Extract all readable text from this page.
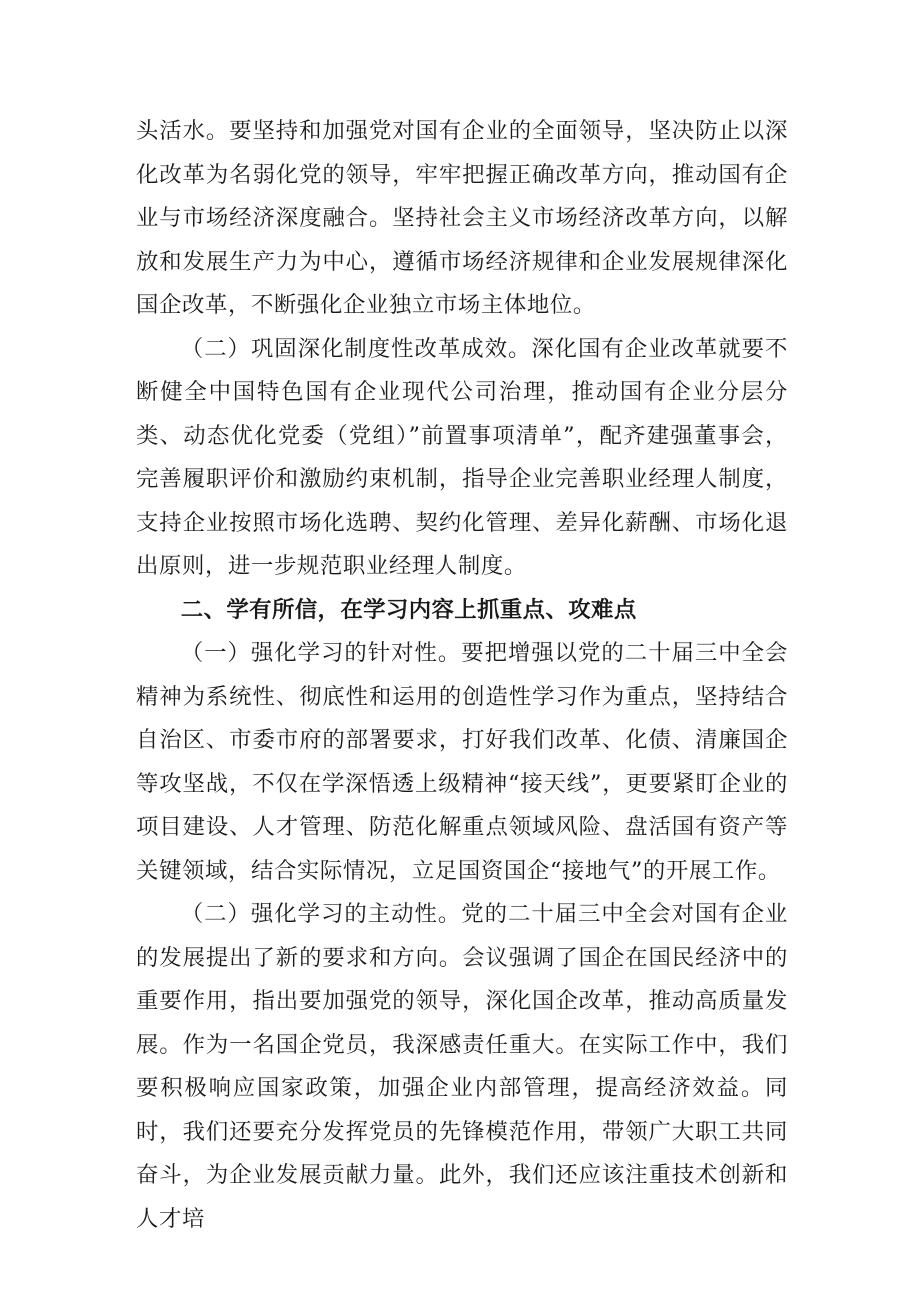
头活水。要坚持和加强党对国有企业的全面领导，坚决防止以深化改革为名弱化党的领导，牢牢把握正确改革方向，推动国有企业与市场经济深度融合。坚持社会主义市场经济改革方向，以解放和发展生产力为中心，遵循市场经济规律和企业发展规律深化国企改革，不断强化企业独立市场主体地位。

（二）巩固深化制度性改革成效。深化国有企业改革就要不断健全中国特色国有企业现代公司治理，推动国有企业分层分类、动态优化党委（党组）”前置事项清单”，配齐建强董事会，完善履职评价和激励约束机制，指导企业完善职业经理人制度，支持企业按照市场化选聘、契约化管理、差异化薪酬、市场化退出原则，进一步规范职业经理人制度。

二、学有所信，在学习内容上抓重点、攻难点

（一）强化学习的针对性。要把增强以党的二十届三中全会精神为系统性、彻底性和运用的创造性学习作为重点，坚持结合自治区、市委市府的部署要求，打好我们改革、化债、清廉国企等攻坚战，不仅在学深悟透上级精神“接天线”，更要紧盯企业的项目建设、人才管理、防范化解重点领域风险、盘活国有资产等关键领域，结合实际情况，立足国资国企“接地气”的开展工作。

（二）强化学习的主动性。党的二十届三中全会对国有企业的发展提出了新的要求和方向。会议强调了国企在国民经济中的重要作用，指出要加强党的领导，深化国企改革，推动高质量发展。作为一名国企党员，我深感责任重大。在实际工作中，我们要积极响应国家政策，加强企业内部管理，提高经济效益。同时，我们还要充分发挥党员的先锋模范作用，带领广大职工共同奋斗，为企业发展贡献力量。此外，我们还应该注重技术创新和人才培
